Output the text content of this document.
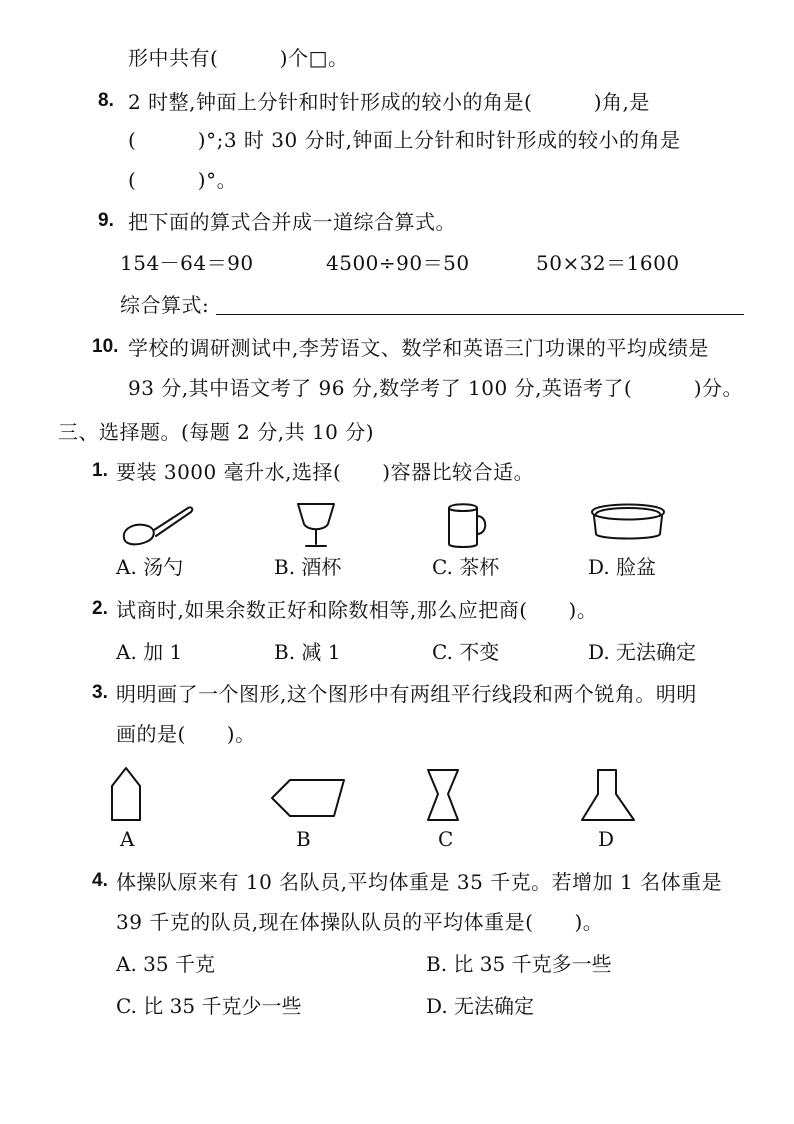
形中共有(　　　)个□。
8. 2 时整,钟面上分针和时针形成的较小的角是(　　　)角,是
(　　　)°;3 时 30 分时,钟面上分针和时针形成的较小的角是
(　　　)°。
9. 把下面的算式合并成一道综合算式。
154－64＝90	4500÷90＝50	50×32＝1600
综合算式:
10. 学校的调研测试中,李芳语文、数学和英语三门功课的平均成绩是
93 分,其中语文考了 96 分,数学考了 100 分,英语考了(　　　)分。
三、选择题。(每题 2 分,共 10 分)
1. 要装 3000 毫升水,选择(　　)容器比较合适。
A. 汤勺	B. 酒杯	C. 茶杯	D. 脸盆
2. 试商时,如果余数正好和除数相等,那么应把商(　　)。
A. 加 1	B. 减 1	C. 不变	D. 无法确定
3. 明明画了一个图形,这个图形中有两组平行线段和两个锐角。明明
画的是(　　)。
A	B	C	D
4. 体操队原来有 10 名队员,平均体重是 35 千克。若增加 1 名体重是
39 千克的队员,现在体操队队员的平均体重是(　　)。
A. 35 千克	B. 比 35 千克多一些
C. 比 35 千克少一些	D. 无法确定
